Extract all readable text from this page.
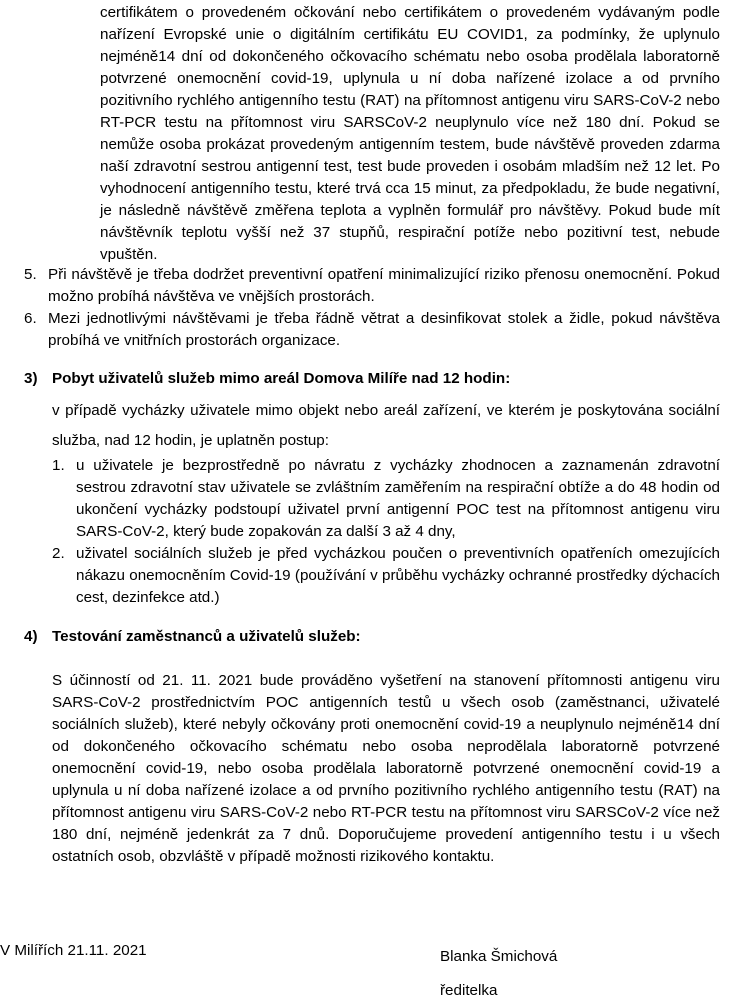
certifikátem o provedeném očkování nebo certifikátem o provedeném vydávaným podle nařízení Evropské unie o digitálním certifikátu EU COVID1, za podmínky, že uplynulo nejméně14 dní od dokončeného očkovacího schématu nebo osoba prodělala laboratorně potvrzené onemocnění covid-19, uplynula u ní doba nařízené izolace a od prvního pozitivního rychlého antigenního testu (RAT) na přítomnost antigenu viru SARS-CoV-2 nebo RT-PCR testu na přítomnost viru SARSCoV-2 neuplynulo více než 180 dní. Pokud se nemůže osoba prokázat provedeným antigenním testem, bude návštěvě proveden zdarma naší zdravotní sestrou antigenní test, test bude proveden i osobám mladším než 12 let. Po vyhodnocení antigenního testu, které trvá cca 15 minut, za předpokladu, že bude negativní, je následně návštěvě změřena teplota a vyplněn formulář pro návštěvy. Pokud bude mít návštěvník teplotu vyšší než 37 stupňů, respirační potíže nebo pozitivní test, nebude vpuštěn.

5. Při návštěvě je třeba dodržet preventivní opatření minimalizující riziko přenosu onemocnění. Pokud možno probíhá návštěva ve vnějších prostorách.
6. Mezi jednotlivými návštěvami je třeba řádně větrat a desinfikovat stolek a židle, pokud návštěva probíhá ve vnitřních prostorách organizace.
3) Pobyt uživatelů služeb mimo areál Domova Milíře nad 12 hodin:

v případě vycházky uživatele mimo objekt nebo areál zařízení, ve kterém je poskytována sociální služba, nad 12 hodin, je uplatněn postup:

1. u uživatele je bezprostředně po návratu z vycházky zhodnocen a zaznamenán zdravotní sestrou zdravotní stav uživatele se zvláštním zaměřením na respirační obtíže a do 48 hodin od ukončení vycházky podstoupí uživatel první antigenní POC test na přítomnost antigenu viru SARS-CoV-2, který bude zopakován za další 3 až 4 dny,
2. uživatel sociálních služeb je před vycházkou poučen o preventivních opatřeních omezujících nákazu onemocněním Covid-19 (používání v průběhu vycházky ochranné prostředky dýchacích cest, dezinfekce atd.)
4) Testování zaměstnanců a uživatelů služeb:

S účinností od 21. 11. 2021 bude prováděno vyšetření na stanovení přítomnosti antigenu viru SARS-CoV-2 prostřednictvím POC antigenních testů u všech osob (zaměstnanci, uživatelé sociálních služeb), které nebyly očkovány proti onemocnění covid-19 a neuplynulo nejméně14 dní od dokončeného očkovacího schématu nebo osoba neprodělala laboratorně potvrzené onemocnění covid-19, nebo osoba prodělala laboratorně potvrzené onemocnění covid-19 a uplynula u ní doba nařízené izolace a od prvního pozitivního rychlého antigenního testu (RAT) na přítomnost antigenu viru SARS-CoV-2 nebo RT-PCR testu na přítomnost viru SARSCoV-2 více než 180 dní, nejméně jedenkrát za 7 dnů. Doporučujeme provedení antigenního testu i u všech ostatních osob, obzvláště v případě možnosti rizikového kontaktu.

V Milířích 21.11. 2021	Blanka Šmichová
ředitelka
